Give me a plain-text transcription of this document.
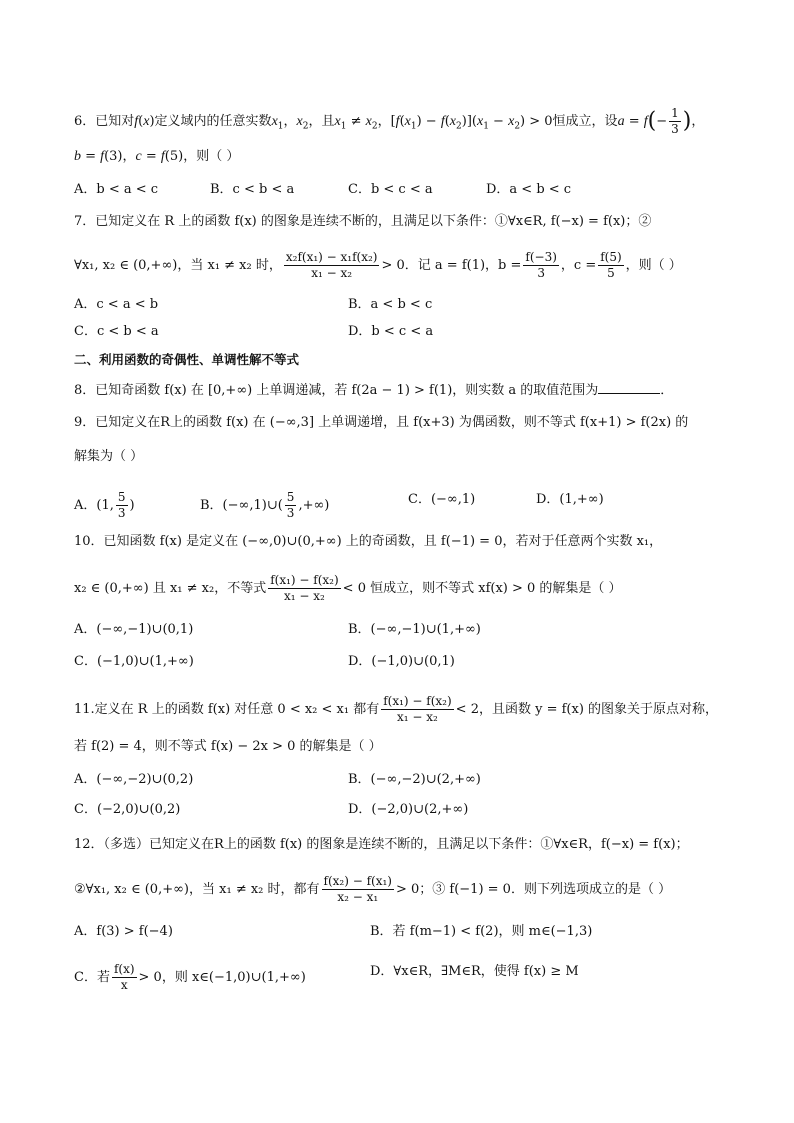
6．已知对f(x)定义域内的任意实数$x_1$，$x_2$，且$x_1 \ne x_2$，$[f(x_1) - f(x_2)](x_1 - x_2) > 0$恒成立，设$a = f(- \frac{1}{3}$ )，
b = f(3)，c = f(5)，则（ ）
A．b < a < c	B．c < b < a	C．b < c < a	D．a < b < c
7．已知定义在 R 上的函数 f(x) 的图象是连续不断的，且满足以下条件：①∀x∈R, f(−x) = f(x)；②
∀x₁, x₂ ∈ (0,+∞)，当 x₁ ≠ x₂ 时， $\frac{\text{x₂f(x₁) − x₁f(x₂)}}{\text{x₁ − x₂}} > 0$．记 a = f(1)，$b = \frac{f(-3)}{3}$ ，$c = \frac{f(5)}{5}$ ，则（ ）
A．c < a < b	B．a < b < c
C．c < b < a	D．b < c < a
二、利用函数的奇偶性、单调性解不等式
8．已知奇函数 f(x) 在 [0,+∞) 上单调递减，若 f(2a − 1) > f(1)，则实数 a 的取值范围为	．
9．已知定义在R上的函数 f(x) 在 (−∞,3] 上单调递增，且 f(x+3) 为偶函数，则不等式 f(x+1) > f(2x) 的
解集为（ ）
A．(1, $\frac{5}{3}$ )	B．(−∞,1)∪( $\frac{5}{3}$ ,+∞)	C．(−∞,1)	D．(1,+∞)
10．已知函数 f(x) 是定义在 (−∞,0)∪(0,+∞) 上的奇函数，且 f(−1) = 0，若对于任意两个实数 x₁，
x₂ ∈ (0,+∞) 且 x₁ ≠ x₂，不等式 $\frac{\text{f(x₁) − f(x₂)}}{\text{x₁ − x₂}} < 0$ 恒成立，则不等式 xf(x) > 0 的解集是（ ）
A．(−∞,−1)∪(0,1)	B．(−∞,−1)∪(1,+∞)
C．(−1,0)∪(1,+∞)	D．(−1,0)∪(0,1)
11.定义在 R 上的函数 f(x) 对任意 0 < x₂ < x₁ 都有 $\frac{\text{f(x₁) − f(x₂)}}{\text{x₁ − x₂}} < 2$，且函数 y = f(x) 的图象关于原点对称，
若 f(2) = 4，则不等式 f(x) − 2x > 0 的解集是（ ）
A．(−∞,−2)∪(0,2)	B．(−∞,−2)∪(2,+∞)
C．(−2,0)∪(0,2)	D．(−2,0)∪(2,+∞)
12．（多选）已知定义在R上的函数 f(x) 的图象是连续不断的，且满足以下条件：①∀x∈R，f(−x) = f(x)；
②∀x₁, x₂ ∈ (0,+∞)，当 x₁ ≠ x₂ 时，都有 $\frac{\text{f(x₂) − f(x₁)}}{\text{x₂ − x₁}} > 0$；③ f(−1) = 0．则下列选项成立的是（ ）
A．f(3) > f(−4)	B．若 f(m−1) < f(2)，则 m∈(−1,3)
C．若 $\frac{f(x)}{x} > 0$，则 x∈(−1,0)∪(1,+∞)	D．∀x∈R，∃M∈R，使得 f(x) ≥ M
